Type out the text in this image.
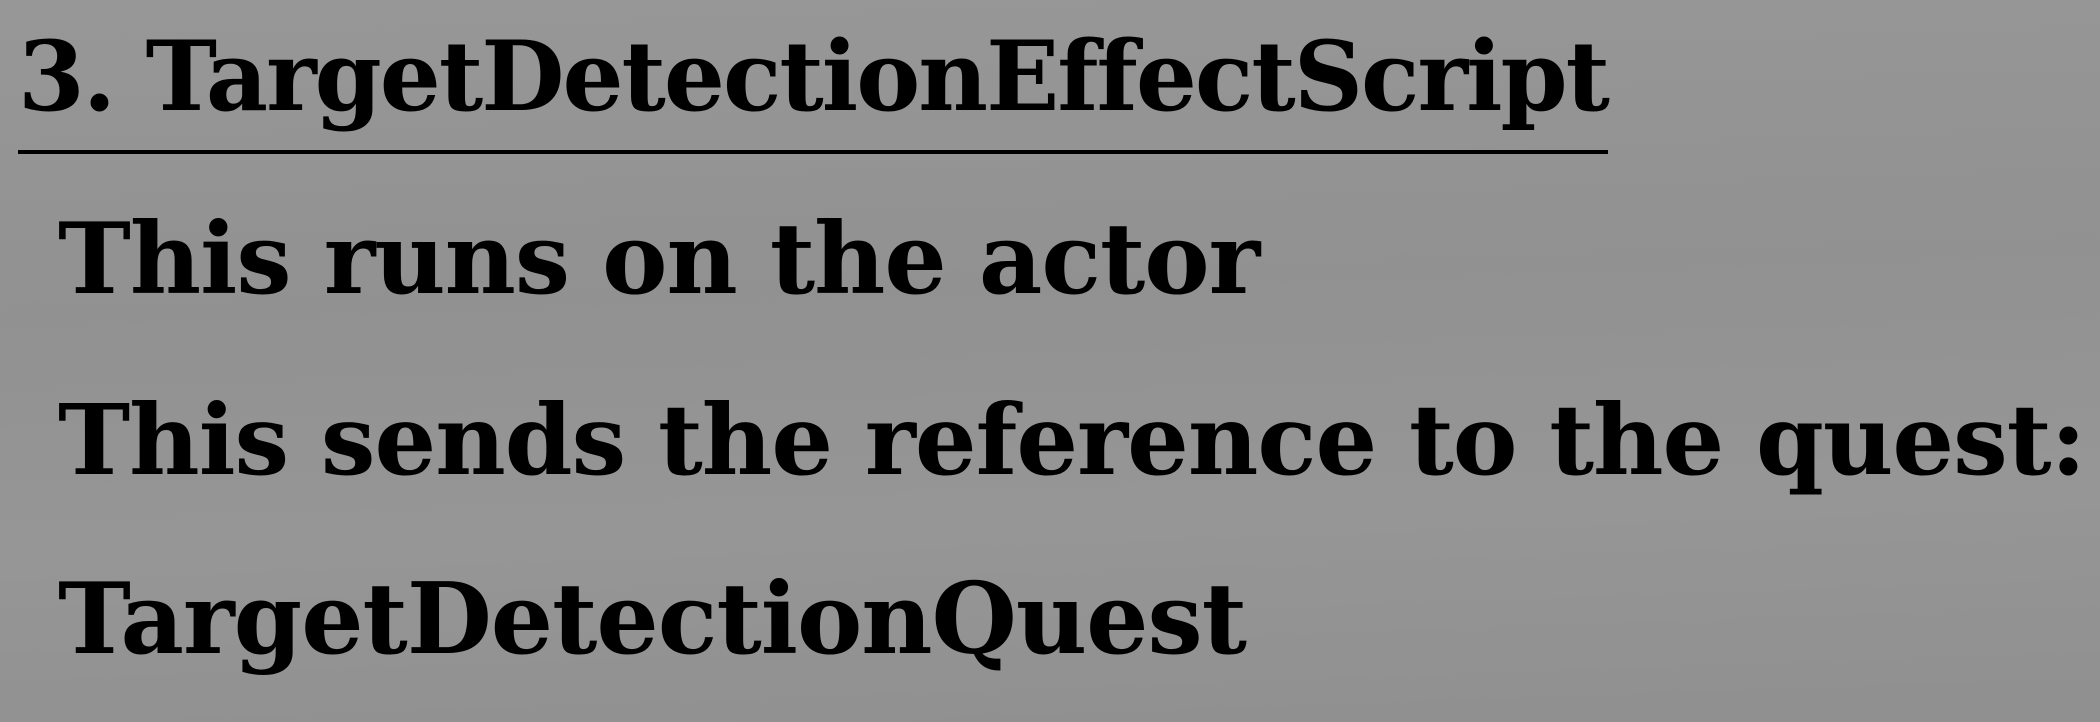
3. TargetDetectionEffectScript

This runs on the actor

This sends the reference to the quest:

TargetDetectionQuest
